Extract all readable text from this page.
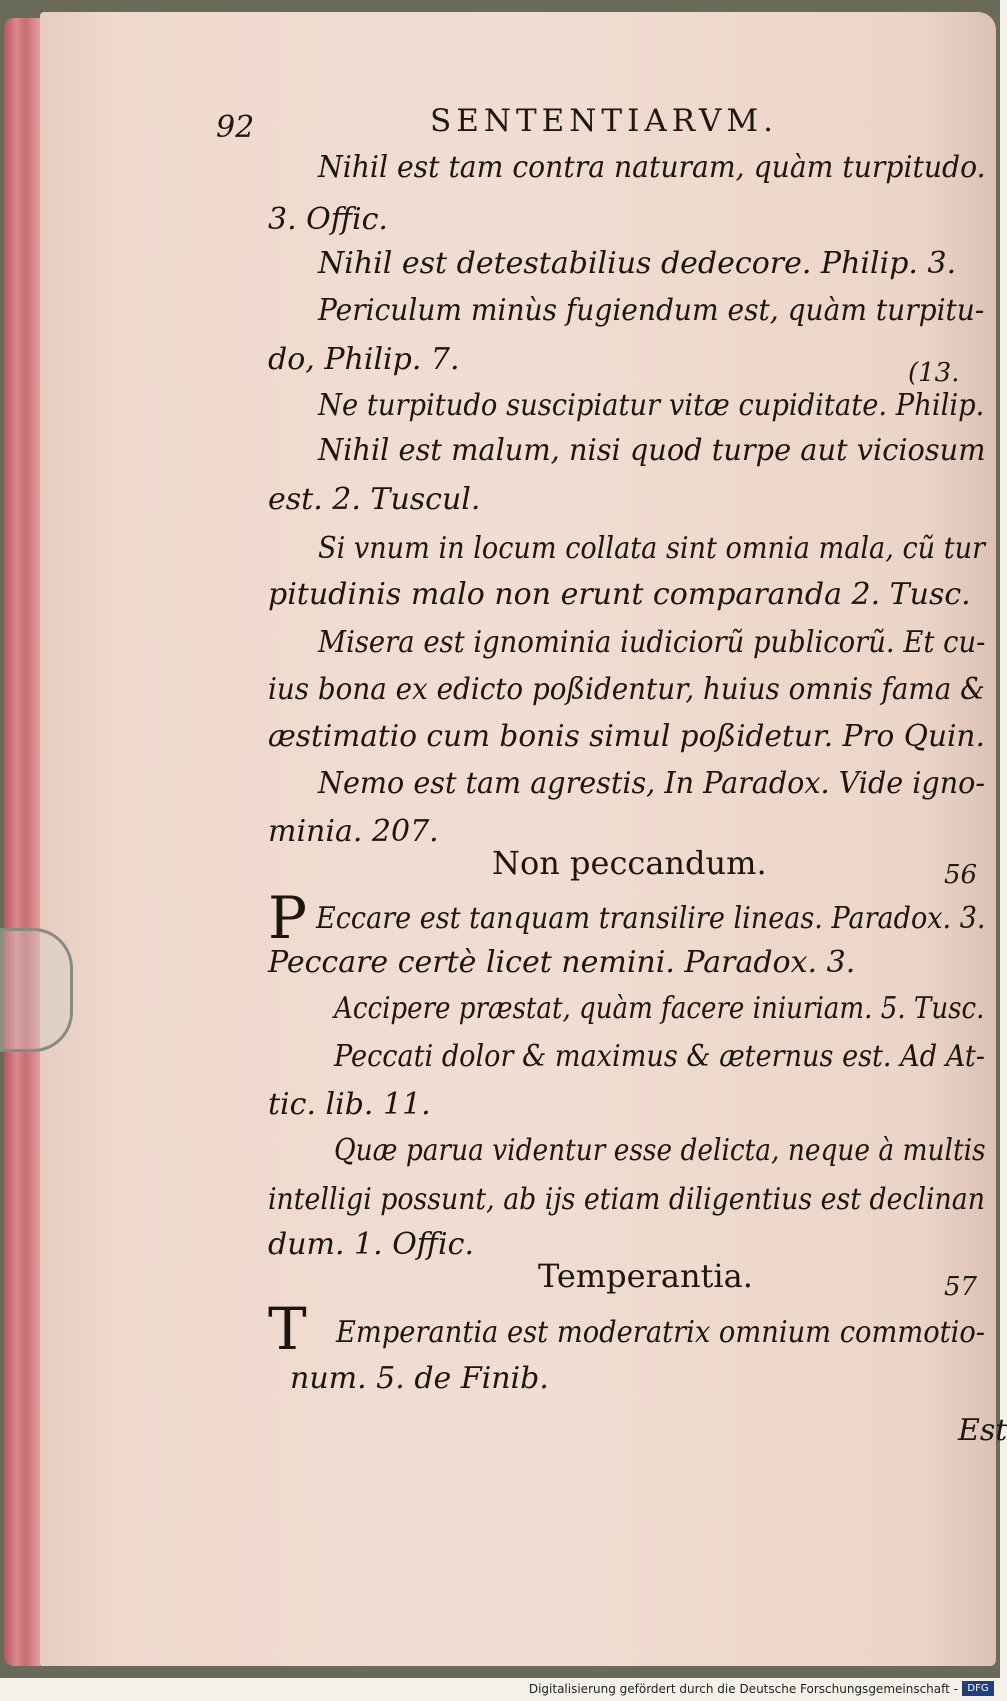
92	SENTENTIARVM.
Nihil est tam contra naturam, quàm turpitudo.
3. Offic.
Nihil est detestabilius dedecore. Philip. 3.
Periculum minùs fugiendum est, quàm turpitu-
do, Philip. 7.	(13.
Ne turpitudo suscipiatur vitæ cupiditate. Philip.
Nihil est malum, nisi quod turpe aut viciosum
est. 2. Tuscul.
Si vnum in locum collata sint omnia mala, cũ tur
pitudinis malo non erunt comparanda 2. Tusc.
Misera est ignominia iudiciorũ publicorũ. Et cu-
ius bona ex edicto poßidentur, huius omnis fama &
æstimatio cum bonis simul poßidetur. Pro Quin.
Nemo est tam agrestis, In Paradox. Vide igno-
minia. 207.
Non peccandum.	56
P Eccare est tanquam transilire lineas. Paradox. 3.
Peccare certè licet nemini. Paradox. 3.
Accipere præstat, quàm facere iniuriam. 5. Tusc.
Peccati dolor & maximus & æternus est. Ad At-
tic. lib. 11.
Quæ parua videntur esse delicta, neque à multis
intelligi possunt, ab ijs etiam diligentius est declinan
dum. 1. Offic.
Temperantia.	57
T Emperantia est moderatrix omnium commotio-
num. 5. de Finib.
Est
Digitalisierung gefördert durch die Deutsche Forschungsgemeinschaft - DFG
